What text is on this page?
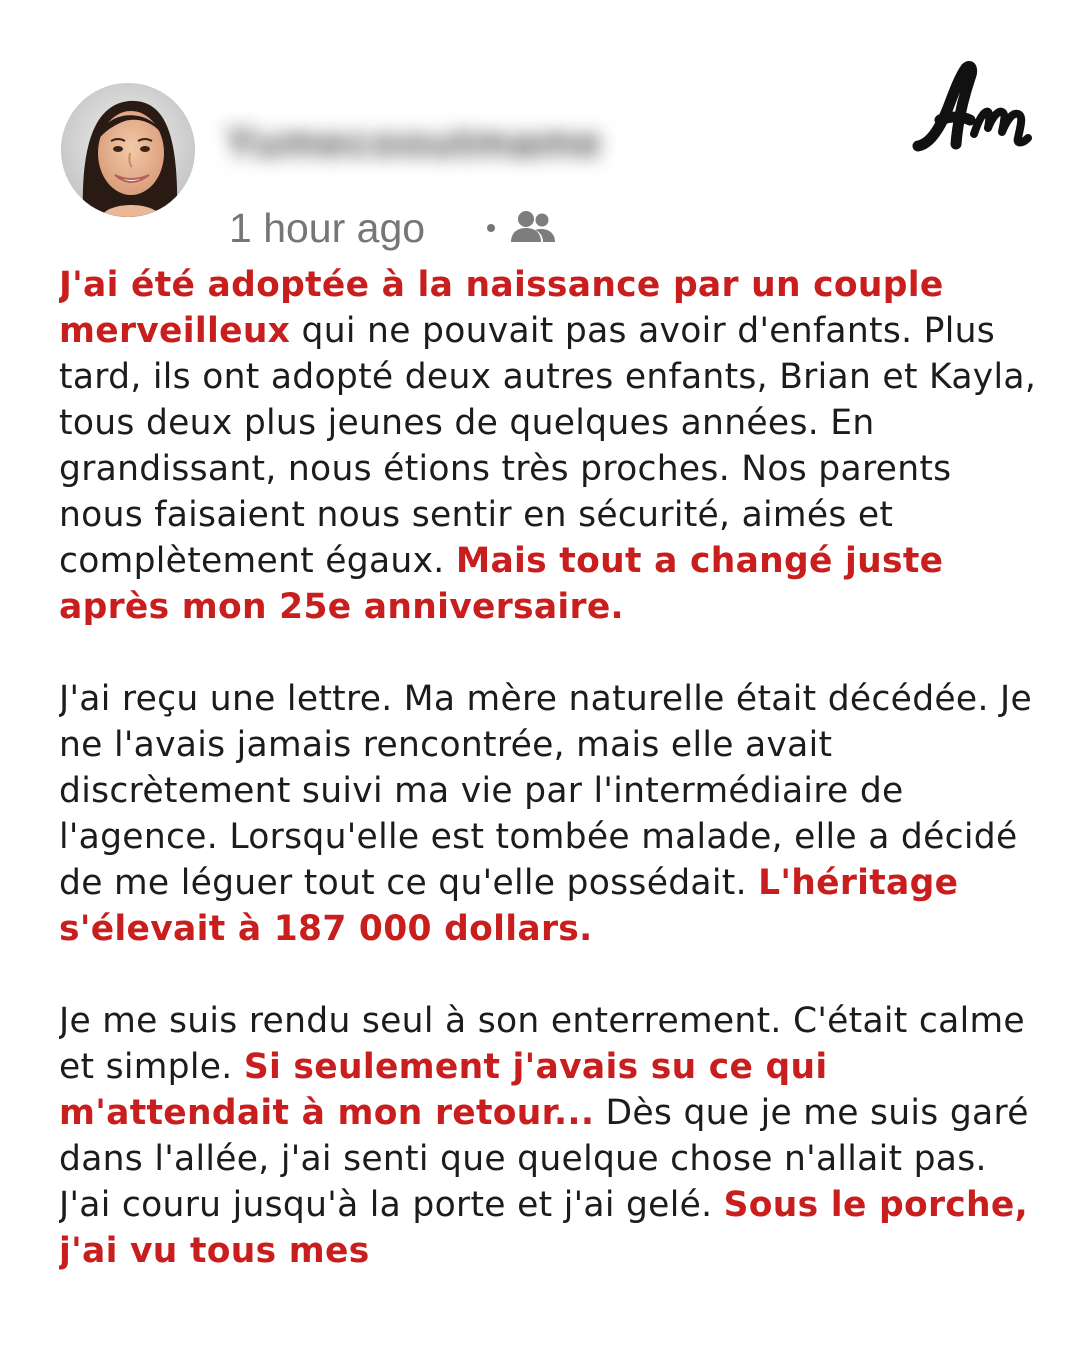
Yumecooutmame
1 hour ago

J'ai été adoptée à la naissance par un couple merveilleux qui ne pouvait pas avoir d'enfants. Plus tard, ils ont adopté deux autres enfants, Brian et Kayla, tous deux plus jeunes de quelques années. En grandissant, nous étions très proches. Nos parents nous faisaient nous sentir en sécurité, aimés et complètement égaux. Mais tout a changé juste après mon 25e anniversaire.

J'ai reçu une lettre. Ma mère naturelle était décédée. Je ne l'avais jamais rencontrée, mais elle avait discrètement suivi ma vie par l'intermédiaire de l'agence. Lorsqu'elle est tombée malade, elle a décidé de me léguer tout ce qu'elle possédait. L'héritage s'élevait à 187 000 dollars.

Je me suis rendu seul à son enterrement. C'était calme et simple. Si seulement j'avais su ce qui m'attendait à mon retour... Dès que je me suis garé dans l'allée, j'ai senti que quelque chose n'allait pas. J'ai couru jusqu'à la porte et j'ai gelé. Sous le porche, j'ai vu tous mes
